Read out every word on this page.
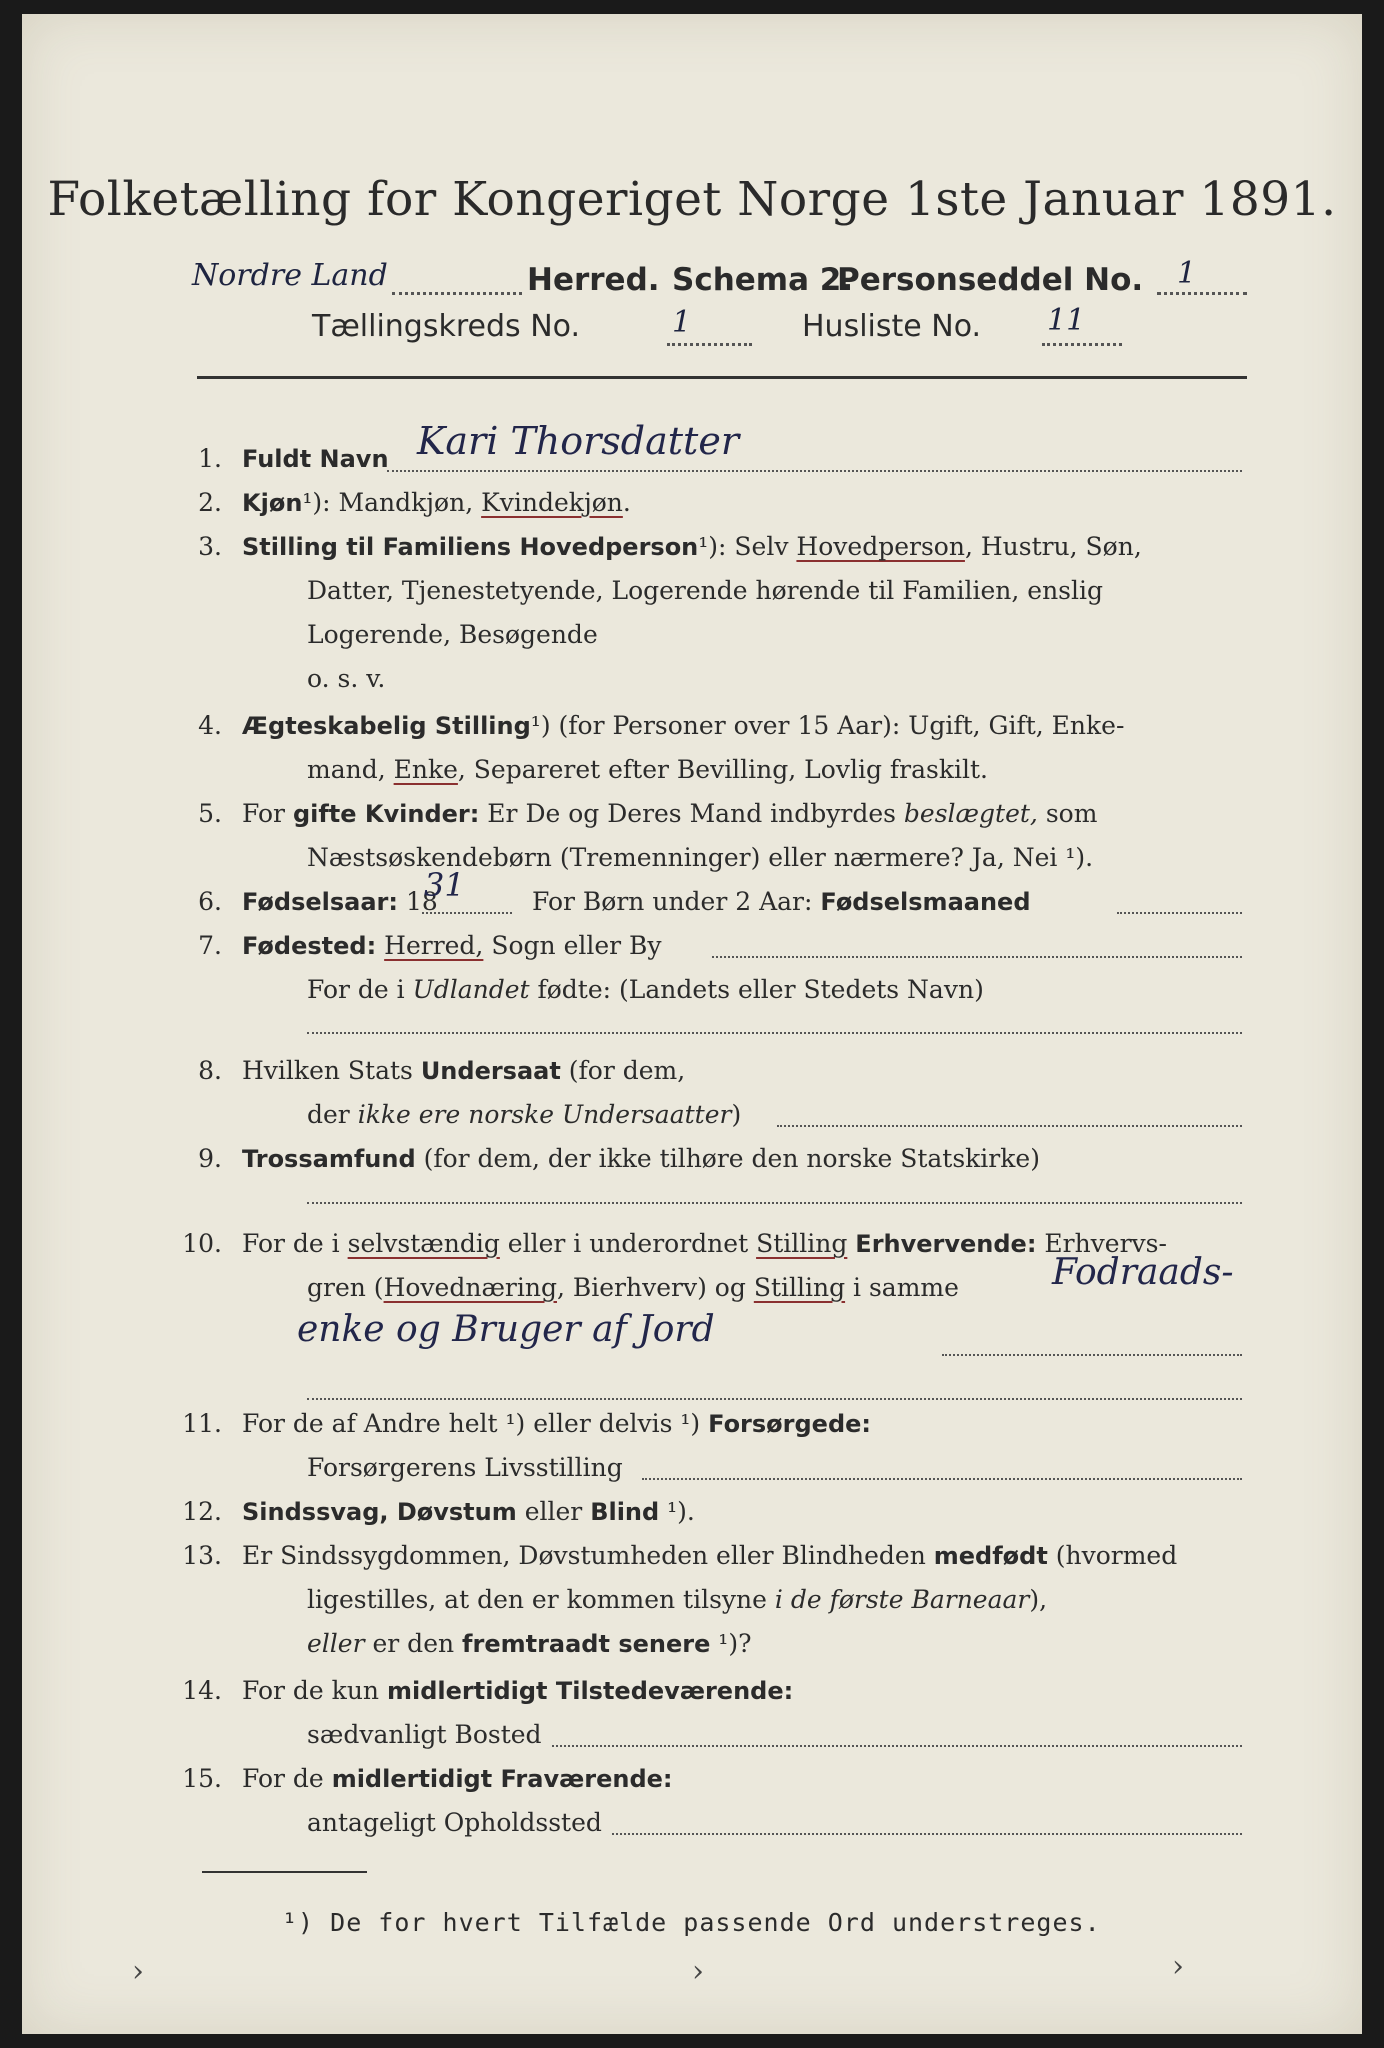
Folketælling for Kongeriget Norge 1ste Januar 1891.
Nordre Land	Herred. Schema 2.
Personseddel No. 1
Tællingskreds No.	1	Husliste No. 11
1. Fuldt Navn Kari Thorsdatter
2. Kjøn¹): Mandkjøn, Kvindekjøn.
3. Stilling til Familiens Hovedperson¹): Selv Hovedperson, Hustru, Søn,
Datter, Tjenestetyende, Logerende hørende til Familien, enslig
Logerende, Besøgende
o. s. v.
4. Ægteskabelig Stilling¹) (for Personer over 15 Aar): Ugift, Gift, Enke-
mand, Enke, Separeret efter Bevilling, Lovlig fraskilt.
5. For gifte Kvinder: Er De og Deres Mand indbyrdes beslægtet, som
Næstsøskendebørn (Tremenninger) eller nærmere? Ja, Nei ¹).
6. Fødselsaar: 18
31	For Børn under 2 Aar: Fødselsmaaned
7. Fødested: Herred, Sogn eller By
For de i Udlandet fødte: (Landets eller Stedets Navn)
8. Hvilken Stats Undersaat (for dem,
der ikke ere norske Undersaatter)
9. Trossamfund (for dem, der ikke tilhøre den norske Statskirke)
10. For de i selvstændig eller i underordnet Stilling Erhvervende: Erhvervs-
gren (Hovednæring, Bierhverv) og Stilling i samme	Fodraads-
enke og Bruger af Jord
11. For de af Andre helt ¹) eller delvis ¹) Forsørgede:
Forsørgerens Livsstilling
12. Sindssvag, Døvstum eller Blind ¹).
13. Er Sindssygdommen, Døvstumheden eller Blindheden medfødt (hvormed
ligestilles, at den er kommen tilsyne i de første Barneaar),
eller er den fremtraadt senere ¹)?
14. For de kun midlertidigt Tilstedeværende:
sædvanligt Bosted
15. For de midlertidigt Fraværende:
antageligt Opholdssted
¹) De for hvert Tilfælde passende Ord understreges.
›	›	›
